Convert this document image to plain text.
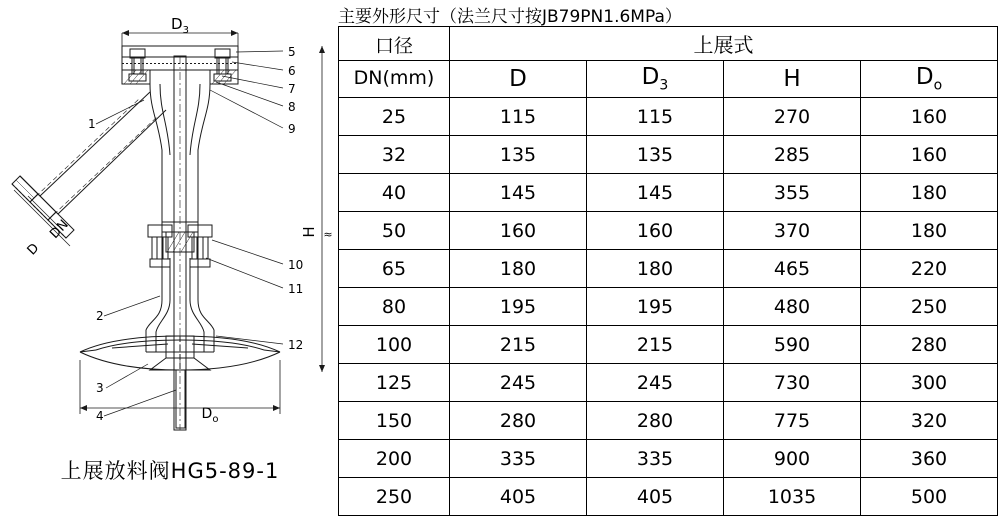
$D_3$
H ≈
$D_o$
DN
D
1
2
3
4
5
6
7
8
9
10
11
12
上展放料阀HG5-89-1
主要外形尺寸（法兰尺寸按JB79PN1.6MPa）
口径	上展式			
DN(mm)	D	$D_3$	H	$D_o$
25	115	115	270	160
32	135	135	285	160
40	145	145	355	180
50	160	160	370	180
65	180	180	465	220
80	195	195	480	250
100	215	215	590	280
125	245	245	730	300
150	280	280	775	320
200	335	335	900	360
250	405	405	1035	500
